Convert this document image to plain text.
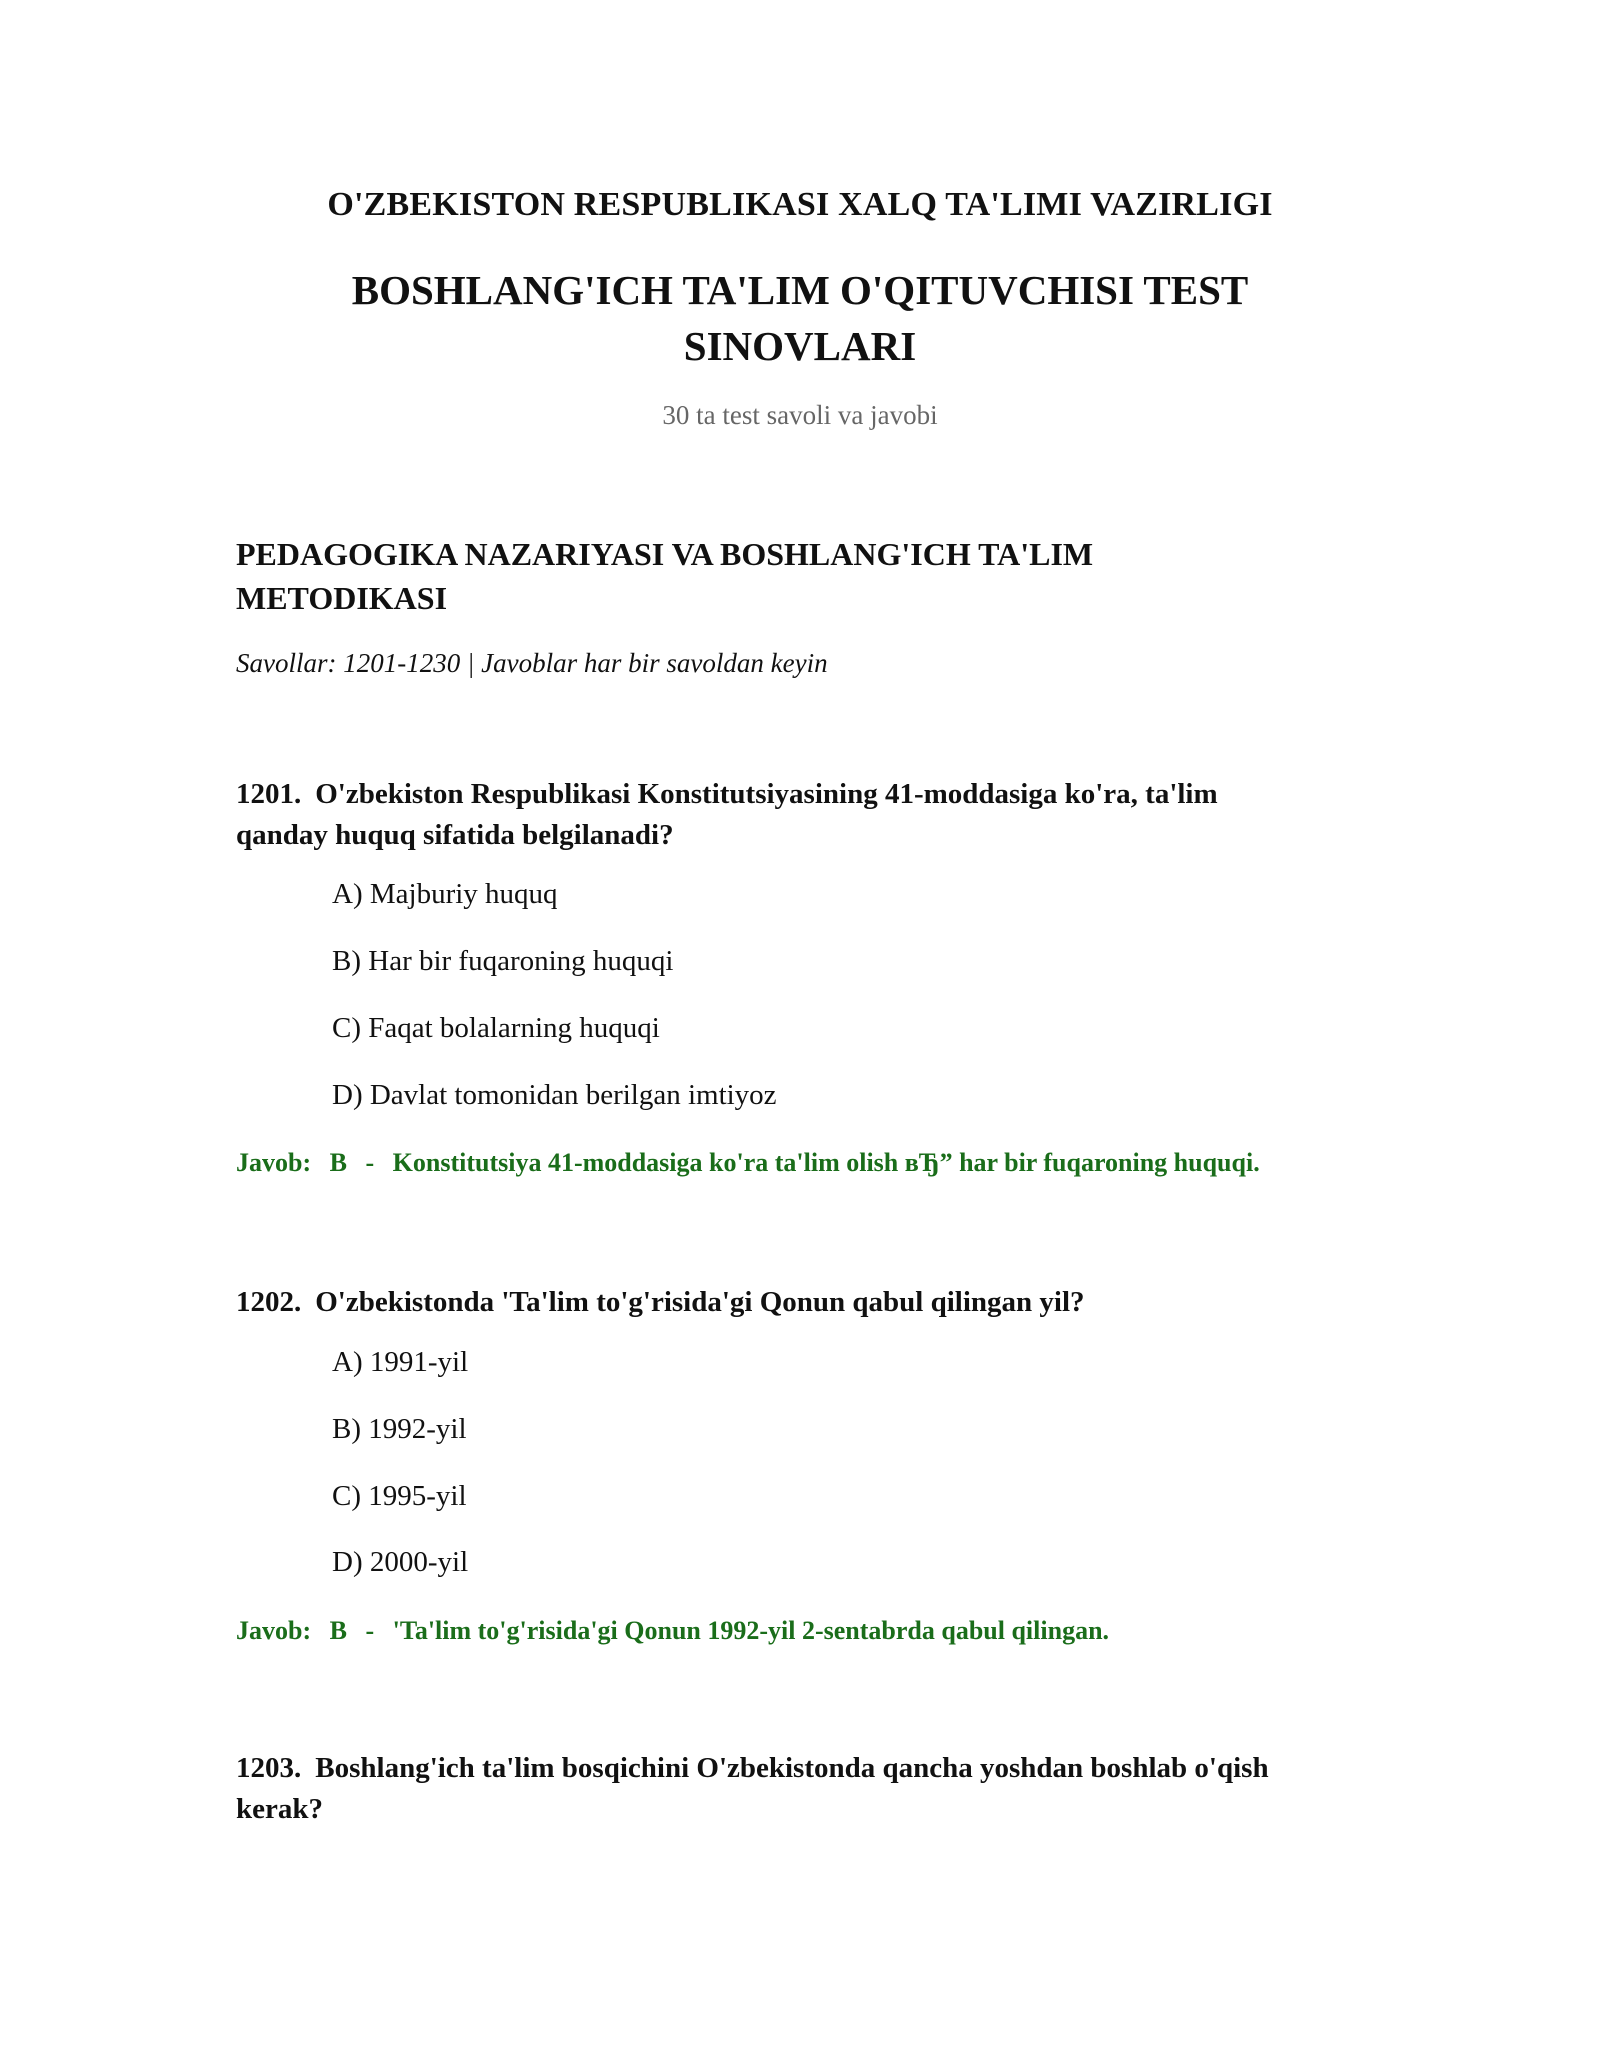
O'ZBEKISTON RESPUBLIKASI XALQ TA'LIMI VAZIRLIGI
BOSHLANG'ICH TA'LIM O'QITUVCHISI TEST
SINOVLARI
30 ta test savoli va javobi
PEDAGOGIKA NAZARIYASI VA BOSHLANG'ICH TA'LIM
METODIKASI
Savollar: 1201-1230 | Javoblar har bir savoldan keyin
1201. O'zbekiston Respublikasi Konstitutsiyasining 41-moddasiga ko'ra, ta'lim
qanday huquq sifatida belgilanadi?
A) Majburiy huquq
B) Har bir fuqaroning huquqi
C) Faqat bolalarning huquqi
D) Davlat tomonidan berilgan imtiyoz
Javob: B - Konstitutsiya 41-moddasiga ko'ra ta'lim olish вЂ” har bir fuqaroning huquqi.
1202. O'zbekistonda 'Ta'lim to'g'risida'gi Qonun qabul qilingan yil?
A) 1991-yil
B) 1992-yil
C) 1995-yil
D) 2000-yil
Javob: B - 'Ta'lim to'g'risida'gi Qonun 1992-yil 2-sentabrda qabul qilingan.
1203. Boshlang'ich ta'lim bosqichini O'zbekistonda qancha yoshdan boshlab o'qish
kerak?
